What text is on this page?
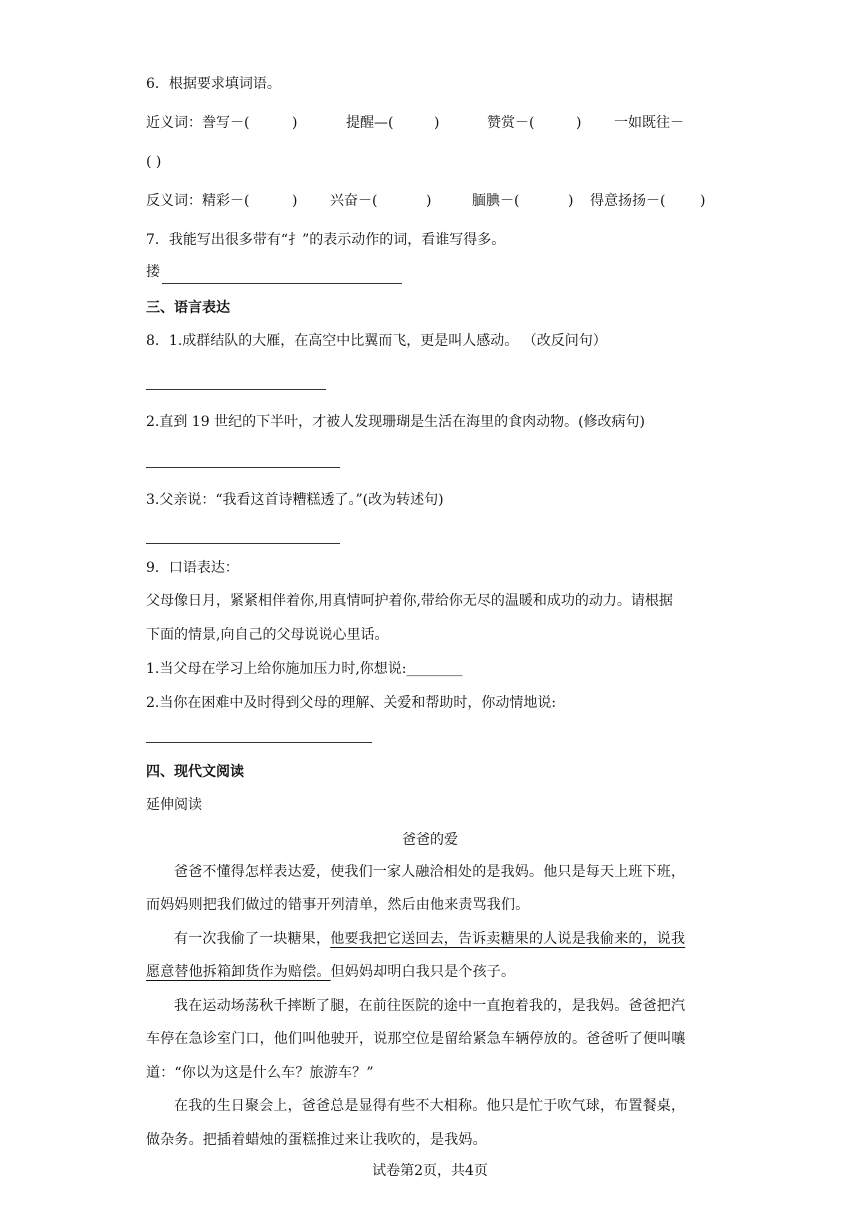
6．根据要求填词语。
近义词：誊写－(	)	提醒—(	)	赞赏－(	) 一如既往－
( )
反义词：精彩－(	) 兴奋－(	)	腼腆－(	) 得意扬扬－( )
7．我能写出很多带有“扌”的表示动作的词，看谁写得多。
搂
三、语言表达
8．1.成群结队的大雁，在高空中比翼而飞，更是叫人感动。 （改反问句）
2.直到 19 世纪的下半叶，才被人发现珊瑚是生活在海里的食肉动物。(修改病句)
3.父亲说：“我看这首诗糟糕透了。”(改为转述句)
9．口语表达：
父母像日月，紧紧相伴着你,用真情呵护着你,带给你无尽的温暖和成功的动力。请根据
下面的情景,向自己的父母说说心里话。
1.当父母在学习上给你施加压力时,你想说:________
2.当你在困难中及时得到父母的理解、关爱和帮助时，你动情地说:
四、现代文阅读
延伸阅读
爸爸的爱
爸爸不懂得怎样表达爱，使我们一家人融洽相处的是我妈。他只是每天上班下班，
而妈妈则把我们做过的错事开列清单，然后由他来责骂我们。
有一次我偷了一块糖果，他要我把它送回去，告诉卖糖果的人说是我偷来的，说我
愿意替他拆箱卸货作为赔偿。但妈妈却明白我只是个孩子。
我在运动场荡秋千摔断了腿，在前往医院的途中一直抱着我的，是我妈。爸爸把汽
车停在急诊室门口，他们叫他驶开，说那空位是留给紧急车辆停放的。爸爸听了便叫嚷
道：“你以为这是什么车？旅游车？”
在我的生日聚会上，爸爸总是显得有些不大相称。他只是忙于吹气球，布置餐桌，
做杂务。把插着蜡烛的蛋糕推过来让我吹的，是我妈。
试卷第2页，共4页
